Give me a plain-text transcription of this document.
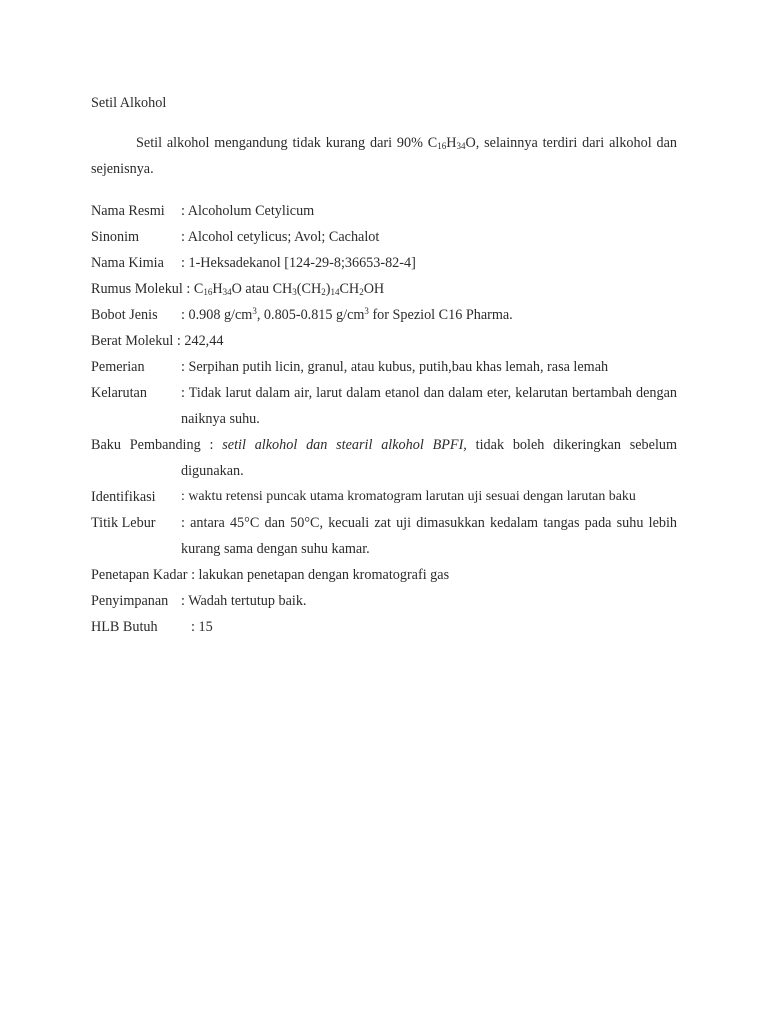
Setil Alkohol

Setil alkohol mengandung tidak kurang dari 90% $C_{16}H_{34}O$, selainnya terdiri dari alkohol dan sejenisnya.

Nama Resmi	: Alcoholum Cetylicum
Sinonim	: Alcohol cetylicus; Avol; Cachalot
Nama Kimia	: 1-Heksadekanol [124-29-8;36653-82-4]
Rumus Molekul : $C_{16}H_{34}O$ atau $CH_3(CH_2)_{14}CH_2OH$
Bobot Jenis	: 0.908 $g/cm^3$, 0.805-0.815 $g/cm^3$ for Speziol C16 Pharma.
Berat Molekul : 242,44
Pemerian	: Serpihan putih licin, granul, atau kubus, putih,bau khas lemah, rasa lemah
Kelarutan	: Tidak larut dalam air, larut dalam etanol dan dalam eter, kelarutan bertambah dengan naiknya suhu.
Baku Pembanding : setil alkohol dan stearil alkohol BPFI, tidak boleh dikeringkan sebelum
digunakan.
Identifikasi	: waktu retensi puncak utama kromatogram larutan uji sesuai dengan larutan baku
Titik Lebur	: antara 45°C dan 50°C, kecuali zat uji dimasukkan kedalam tangas pada suhu lebih kurang sama dengan suhu kamar.
Penetapan Kadar : lakukan penetapan dengan kromatografi gas
Penyimpanan : Wadah tertutup baik.
HLB Butuh	: 15
